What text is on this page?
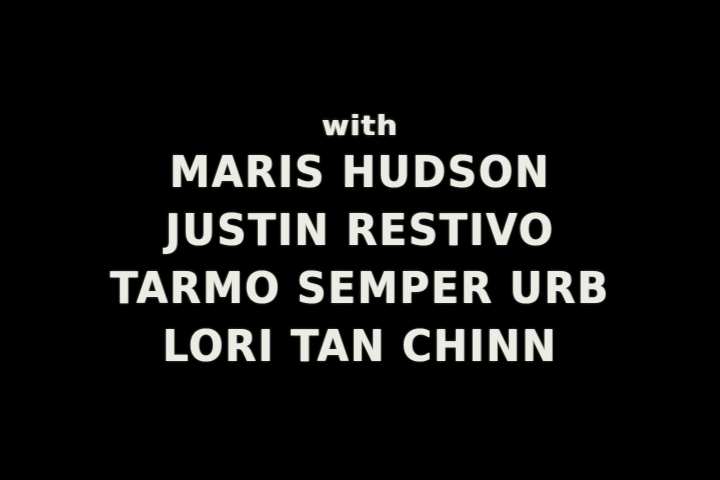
with
MARIS HUDSON
JUSTIN RESTIVO
TARMO SEMPER URB
LORI TAN CHINN
